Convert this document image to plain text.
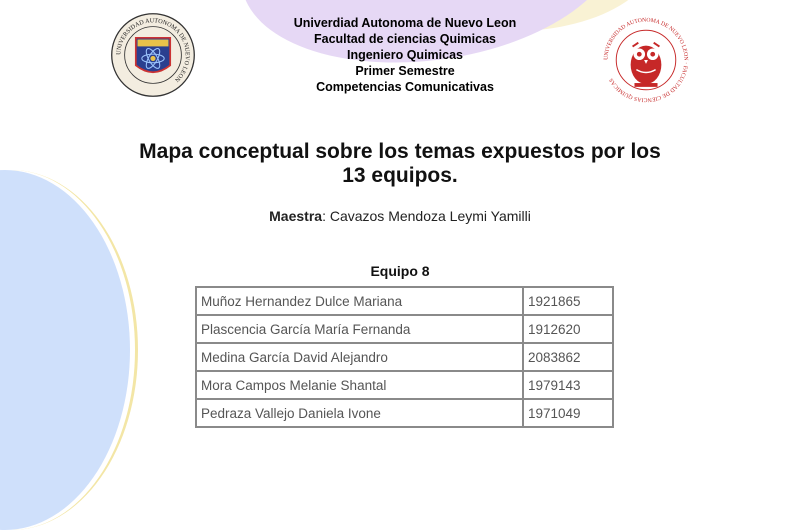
UNIVERSIDAD AUTONOMA DE NUEVO LEON
UNIVERSIDAD AUTONOMA DE NUEVO LEON · FACULTAD DE CIENCIAS QUIMICAS
Univerdiad Autonoma de Nuevo Leon
Facultad de ciencias Quimicas
Ingeniero Quimicas
Primer Semestre
Competencias Comunicativas
Mapa conceptual sobre los temas expuestos por los
13 equipos.
Maestra: Cavazos Mendoza Leymi Yamilli
Equipo 8
Muñoz Hernandez Dulce Mariana	1921865
Plascencia García María Fernanda	1912620
Medina García David Alejandro	2083862
Mora Campos Melanie Shantal	1979143
Pedraza Vallejo Daniela Ivone	1971049
